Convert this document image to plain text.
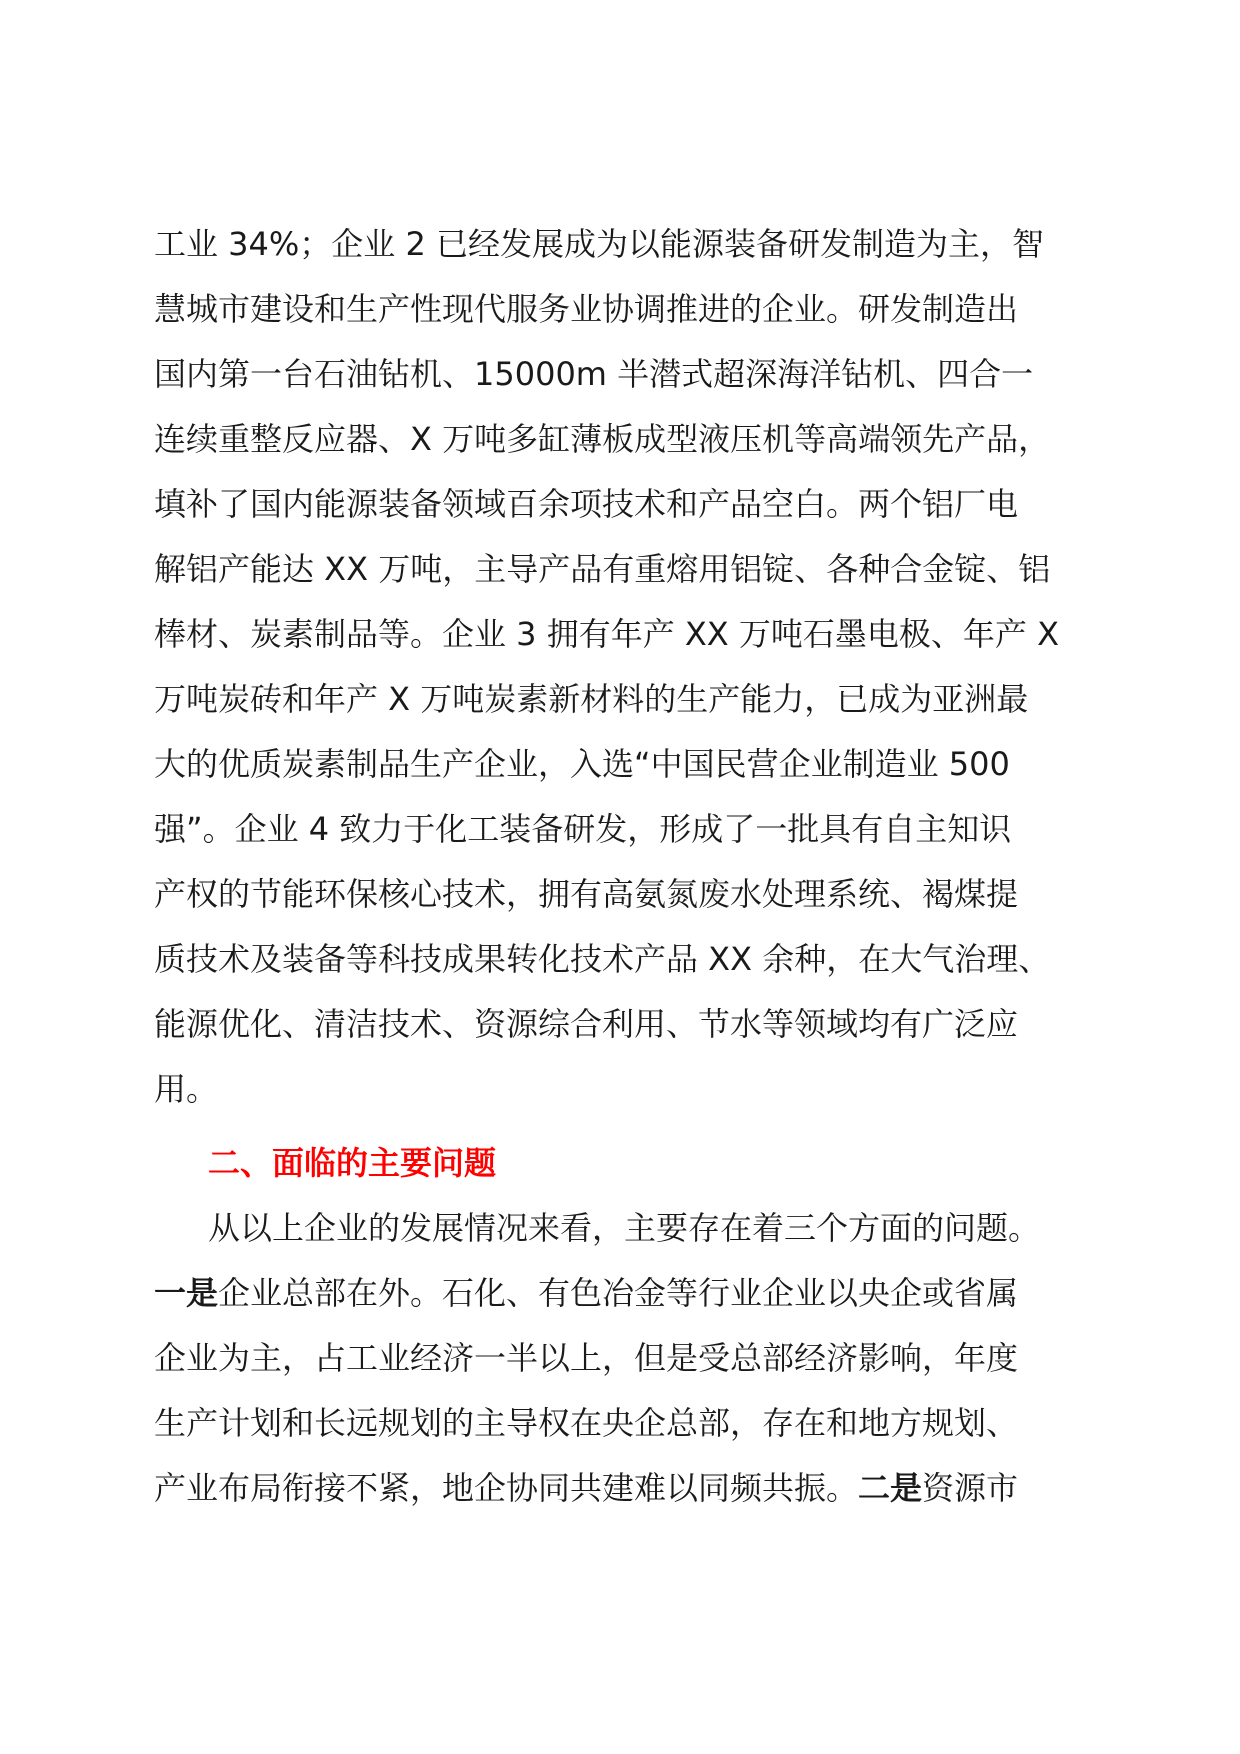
工业 34%；企业 2 已经发展成为以能源装备研发制造为主，智
慧城市建设和生产性现代服务业协调推进的企业。研发制造出
国内第一台石油钻机、15000m 半潜式超深海洋钻机、四合一
连续重整反应器、X 万吨多缸薄板成型液压机等高端领先产品，
填补了国内能源装备领域百余项技术和产品空白。两个铝厂电
解铝产能达 XX 万吨，主导产品有重熔用铝锭、各种合金锭、铝
棒材、炭素制品等。企业 3 拥有年产 XX 万吨石墨电极、年产 X
万吨炭砖和年产 X 万吨炭素新材料的生产能力，已成为亚洲最
大的优质炭素制品生产企业，入选“中国民营企业制造业 500
强”。企业 4 致力于化工装备研发，形成了一批具有自主知识
产权的节能环保核心技术，拥有高氨氮废水处理系统、褐煤提
质技术及装备等科技成果转化技术产品 XX 余种，在大气治理、
能源优化、清洁技术、资源综合利用、节水等领域均有广泛应
用。
二、面临的主要问题
从以上企业的发展情况来看，主要存在着三个方面的问题。
一是企业总部在外。石化、有色冶金等行业企业以央企或省属
企业为主，占工业经济一半以上，但是受总部经济影响，年度
生产计划和长远规划的主导权在央企总部，存在和地方规划、
产业布局衔接不紧，地企协同共建难以同频共振。二是资源市
